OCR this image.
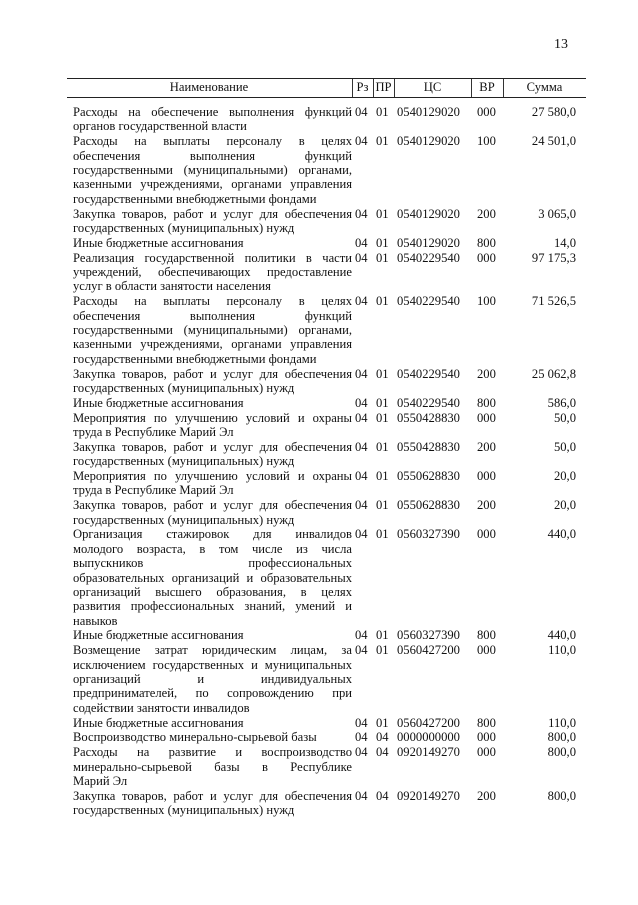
13
Наименование	Рз ПР	ЦС	ВР	Сумма
Расходы на обеспечение выполнения функций
органов государственной власти
04 01 0540129020 000	27 580,0
Расходы на выплаты персоналу в целях
обеспечения выполнения функций
государственными (муниципальными) органами,
казенными учреждениями, органами управления
государственными внебюджетными фондами
04 01 0540129020 100	24 501,0
Закупка товаров, работ и услуг для обеспечения
государственных (муниципальных) нужд
04 01 0540129020 200	3 065,0
Иные бюджетные ассигнования	04 01 0540129020 800	14,0
Реализация государственной политики в части
учреждений, обеспечивающих предоставление
услуг в области занятости населения
04 01 0540229540 000	97 175,3
Расходы на выплаты персоналу в целях
обеспечения выполнения функций
государственными (муниципальными) органами,
казенными учреждениями, органами управления
государственными внебюджетными фондами
04 01 0540229540 100	71 526,5
Закупка товаров, работ и услуг для обеспечения
государственных (муниципальных) нужд
04 01 0540229540 200	25 062,8
Иные бюджетные ассигнования	04 01 0540229540 800	586,0
Мероприятия по улучшению условий и охраны
труда в Республике Марий Эл
04 01 0550428830 000	50,0
Закупка товаров, работ и услуг для обеспечения
государственных (муниципальных) нужд
04 01 0550428830 200	50,0
Мероприятия по улучшению условий и охраны
труда в Республике Марий Эл
04 01 0550628830 000	20,0
Закупка товаров, работ и услуг для обеспечения
государственных (муниципальных) нужд
04 01 0550628830 200	20,0
Организация стажировок для инвалидов
молодого возраста, в том числе из числа
выпускников профессиональных
образовательных организаций и образовательных
организаций высшего образования, в целях
развития профессиональных знаний, умений и
навыков
04 01 0560327390 000	440,0
Иные бюджетные ассигнования	04 01 0560327390 800	440,0
Возмещение затрат юридическим лицам, за
исключением государственных и муниципальных
организаций и индивидуальных
предпринимателей, по сопровождению при
содействии занятости инвалидов
04 01 0560427200 000	110,0
Иные бюджетные ассигнования	04 01 0560427200 800	110,0
Воспроизводство минерально-сырьевой базы	04 04 0000000000 000	800,0
Расходы на развитие и воспроизводство
минерально-сырьевой базы в Республике
Марий Эл
04 04 0920149270 000	800,0
Закупка товаров, работ и услуг для обеспечения
государственных (муниципальных) нужд
04 04 0920149270 200	800,0
